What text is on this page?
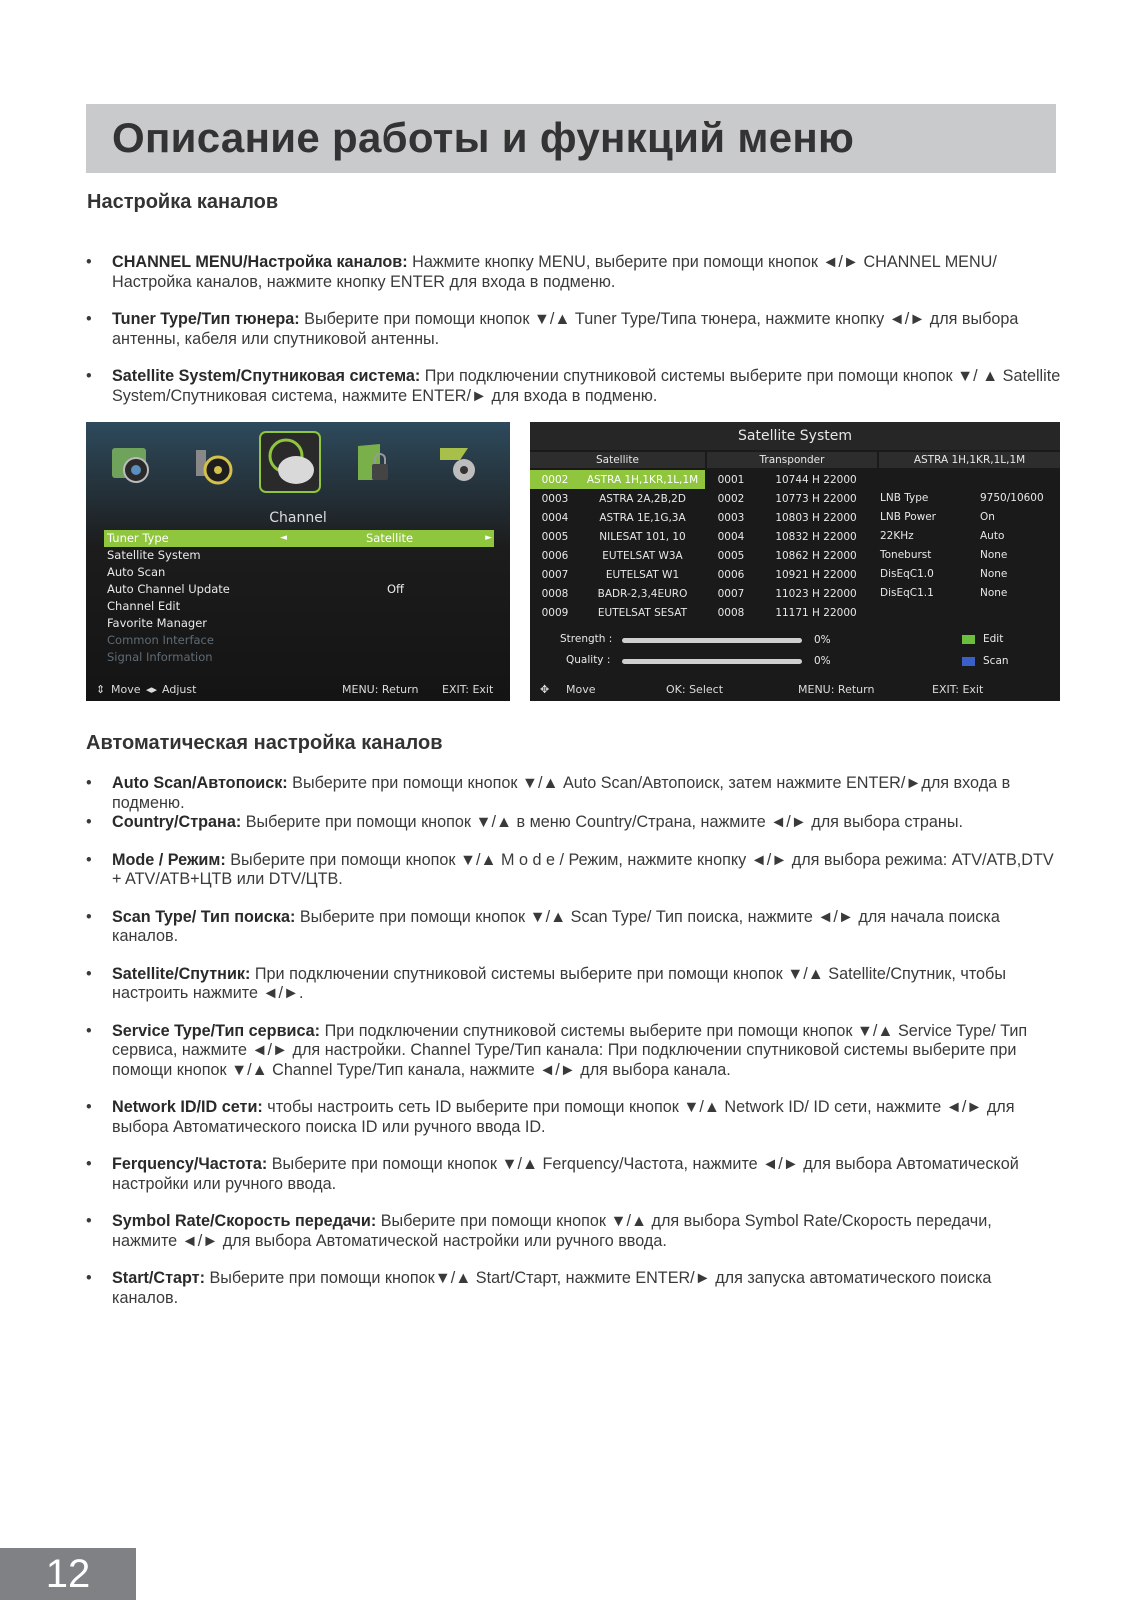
Описание работы и функций меню
Настройка каналов
• CHANNEL MENU/Настройка каналов: Нажмите кнопку MENU, выберите при помощи кнопок ◄/► CHANNEL MENU/Настройка каналов, нажмите кнопку ENTER для входа в подменю.
• Tuner Type/Тип тюнера: Выберите при помощи кнопок ▼/▲ Tuner Type/Типа тюнера, нажмите кнопку ◄/► для выбора антенны, кабеля или спутниковой антенны.
• Satellite System/Спутниковая система: При подключении спутниковой системы выберите при помощи кнопок ▼/ ▲ Satellite System/Спутниковая система, нажмите ENTER/► для входа в подменю.
Channel
Tuner Type	◄	Satellite	►
Satellite System
Auto Scan
Auto Channel Update	Off
Channel Edit
Favorite Manager
Common Interface
Signal Information
⇕ Move ◂▸ Adjust	MENU: Return EXIT: Exit
Satellite System
Satellite	Transponder	ASTRA 1H,1KR,1L,1M
0002	ASTRA 1H,1KR,1L,1M	0001	10744 H 22000
0003	ASTRA 2A,2B,2D	0002	10773 H 22000
0004	ASTRA 1E,1G,3A	0003	10803 H 22000
0005	NILESAT 101, 10	0004	10832 H 22000
0006	EUTELSAT W3A	0005	10862 H 22000
0007	EUTELSAT W1	0006	10921 H 22000
0008	BADR-2,3,4EURO	0007	11023 H 22000
0009	EUTELSAT SESAT	0008	11171 H 22000
LNB Type	9750/10600
LNB Power	On
22KHz	Auto
Toneburst	None
DisEqC1.0	None
DisEqC1.1	None
Strength :	0%
Quality :	0%
Edit
Scan
✥ Move	OK: Select	MENU: Return	EXIT: Exit
Автоматическая настройка каналов
• Auto Scan/Автопоиск: Выберите при помощи кнопок ▼/▲ Auto Scan/Автопоиск, затем нажмите ENTER/►для входа в подменю.
• Country/Страна: Выберите при помощи кнопок ▼/▲ в меню Country/Страна, нажмите ◄/► для выбора страны.
• Mode / Режим: Выберите при помощи кнопок ▼/▲ М о d е / Режим, нажмите кнопку ◄/► для выбора режима: ATV/ATB,DTV + ATV/ATB+ЦТВ или DTV/ЦТВ.
• Scan Type/ Тип поиска: Выберите при помощи кнопок ▼/▲ Scan Type/ Тип поиска, нажмите ◄/► для начала поиска каналов.
• Satellite/Спутник: При подключении спутниковой системы выберите при помощи кнопок ▼/▲ Satellite/Спутник, чтобы настроить нажмите ◄/►.
• Service Type/Тип сервиса: При подключении спутниковой системы выберите при помощи кнопок ▼/▲ Service Type/ Тип сервиса, нажмите ◄/► для настройки. Channel Type/Тип канала: При подключении спутниковой системы выберите при помощи кнопок ▼/▲ Channel Type/Тип канала, нажмите ◄/► для выбора канала.
• Network ID/ID сети: чтобы настроить сеть ID выберите при помощи кнопок ▼/▲ Network ID/ ID сети, нажмите ◄/► для выбора Автоматического поиска ID или ручного ввода ID.
• Ferquency/Частота: Выберите при помощи кнопок ▼/▲ Ferquency/Частота, нажмите ◄/► для выбора Автоматической настройки или ручного ввода.
• Symbol Rate/Скорость передачи: Выберите при помощи кнопок ▼/▲ для выбора Symbol Rate/Скорость передачи, нажмите ◄/► для выбора Автоматической настройки или ручного ввода.
• Start/Старт: Выберите при помощи кнопок▼/▲ Start/Старт, нажмите ENTER/► для запуска автоматического поиска каналов.
12
